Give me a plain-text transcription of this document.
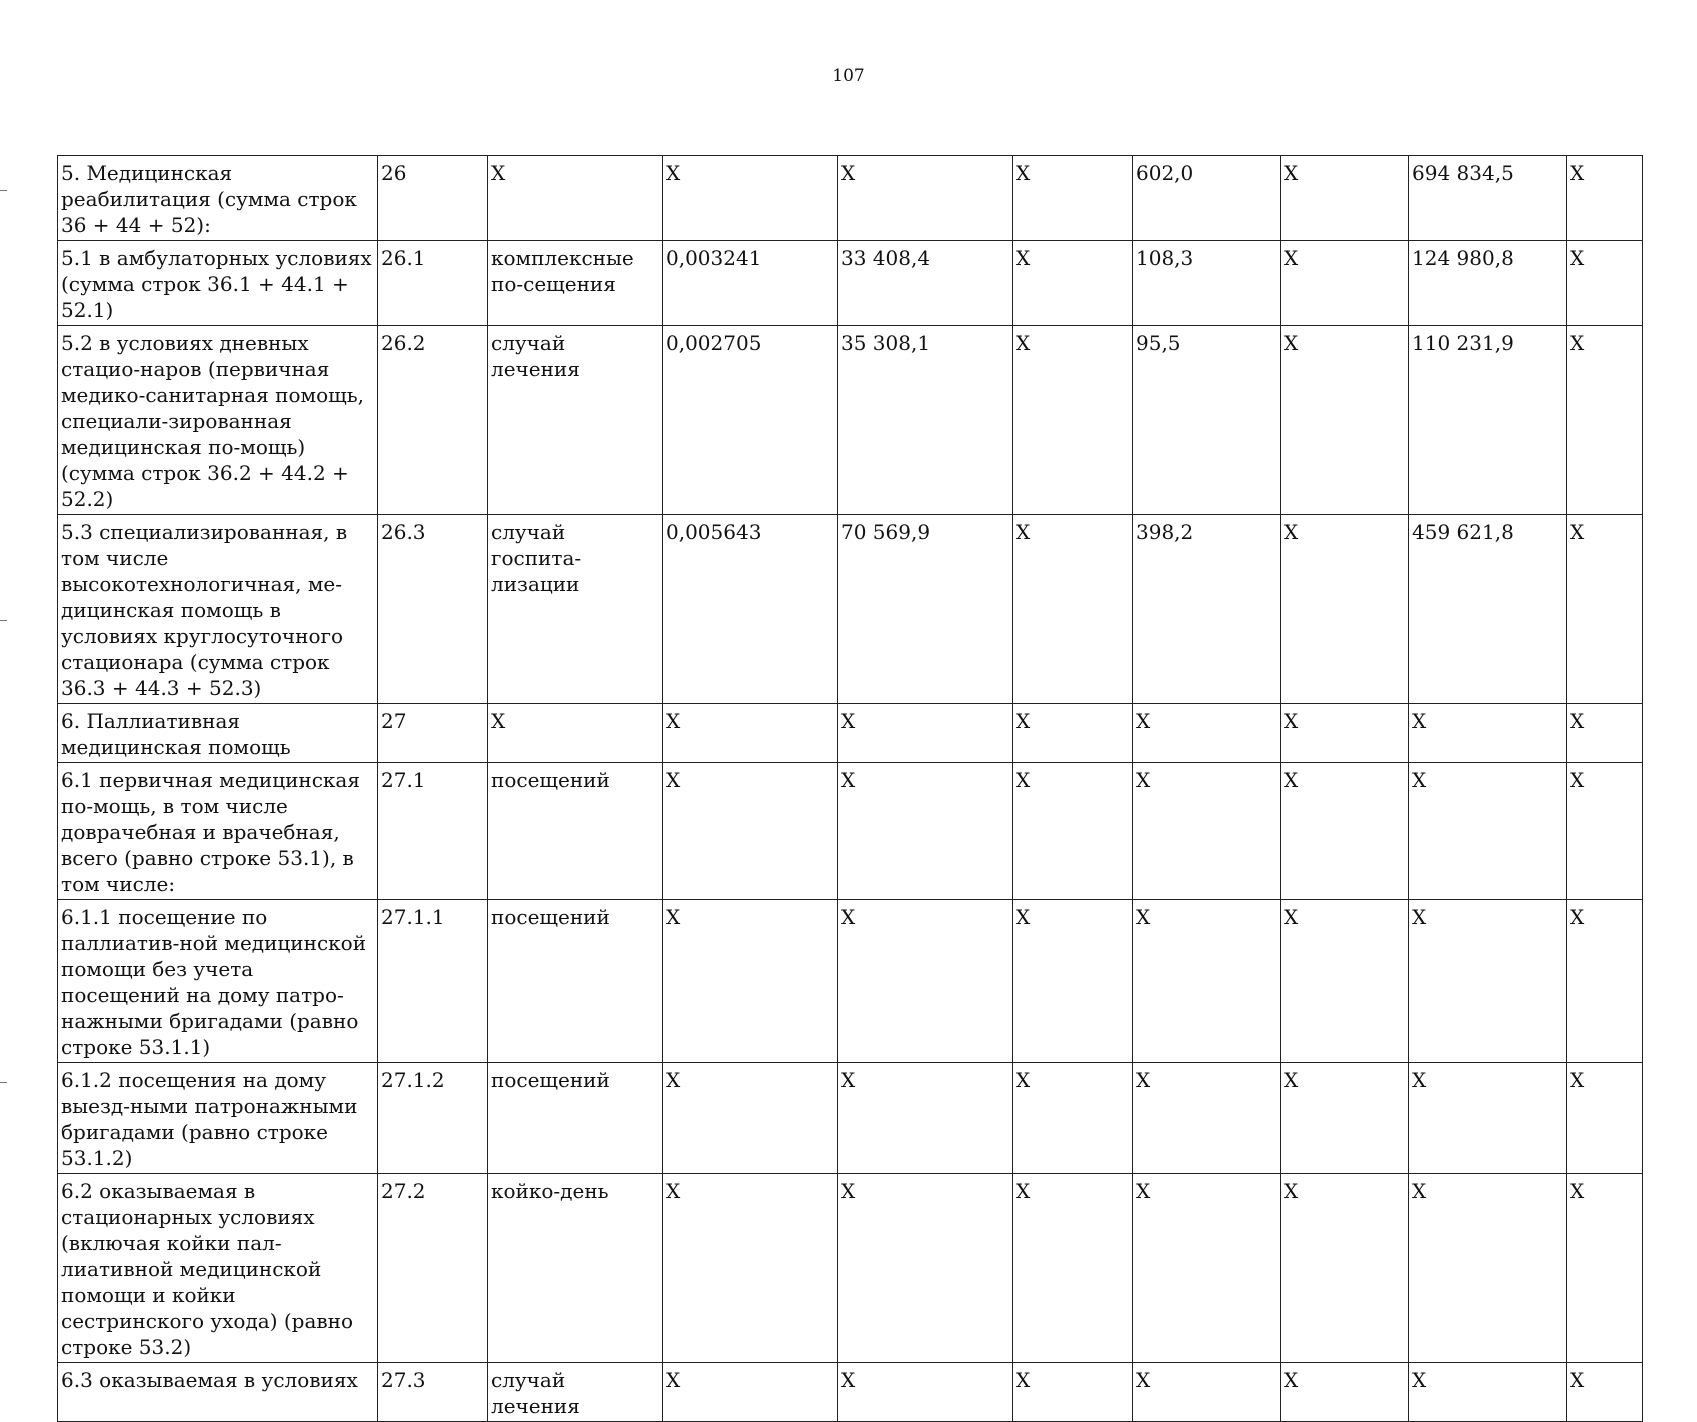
107
5. Медицинская реабилитация (сумма строк 36 + 44 + 52):	26	X	X	X	X	602,0	X	694 834,5	X
5.1 в амбулаторных условиях (сумма строк 36.1 + 44.1 + 52.1)	26.1	комплексные по-сещения	0,003241	33 408,4	X	108,3	X	124 980,8	X
5.2 в условиях дневных стацио-наров (первичная медико-санитарная помощь, специали-зированная медицинская по-мощь) (сумма строк 36.2 + 44.2 + 52.2)	26.2	случай лечения	0,002705	35 308,1	X	95,5	X	110 231,9	X
5.3 специализированная, в том числе высокотехнологичная, ме-дицинская помощь в условиях круглосуточного стационара (сумма строк 36.3 + 44.3 + 52.3)	26.3	случай госпита-лизации	0,005643	70 569,9	X	398,2	X	459 621,8	X
6. Паллиативная медицинская помощь	27	X	X	X	X	X	X	X	X
6.1 первичная медицинская по-мощь, в том числе доврачебная и врачебная, всего (равно строке 53.1), в том числе:	27.1	посещений	X	X	X	X	X	X	X
6.1.1 посещение по паллиатив-ной медицинской помощи без учета посещений на дому патро-нажными бригадами (равно строке 53.1.1)	27.1.1	посещений	X	X	X	X	X	X	X
6.1.2 посещения на дому выезд-ными патронажными бригадами (равно строке 53.1.2)	27.1.2	посещений	X	X	X	X	X	X	X
6.2 оказываемая в стационарных условиях (включая койки пал-лиативной медицинской помощи и койки сестринского ухода) (равно строке 53.2)	27.2	койко-день	X	X	X	X	X	X	X
6.3 оказываемая в условиях	27.3	случай лечения	X	X	X	X	X	X	X
